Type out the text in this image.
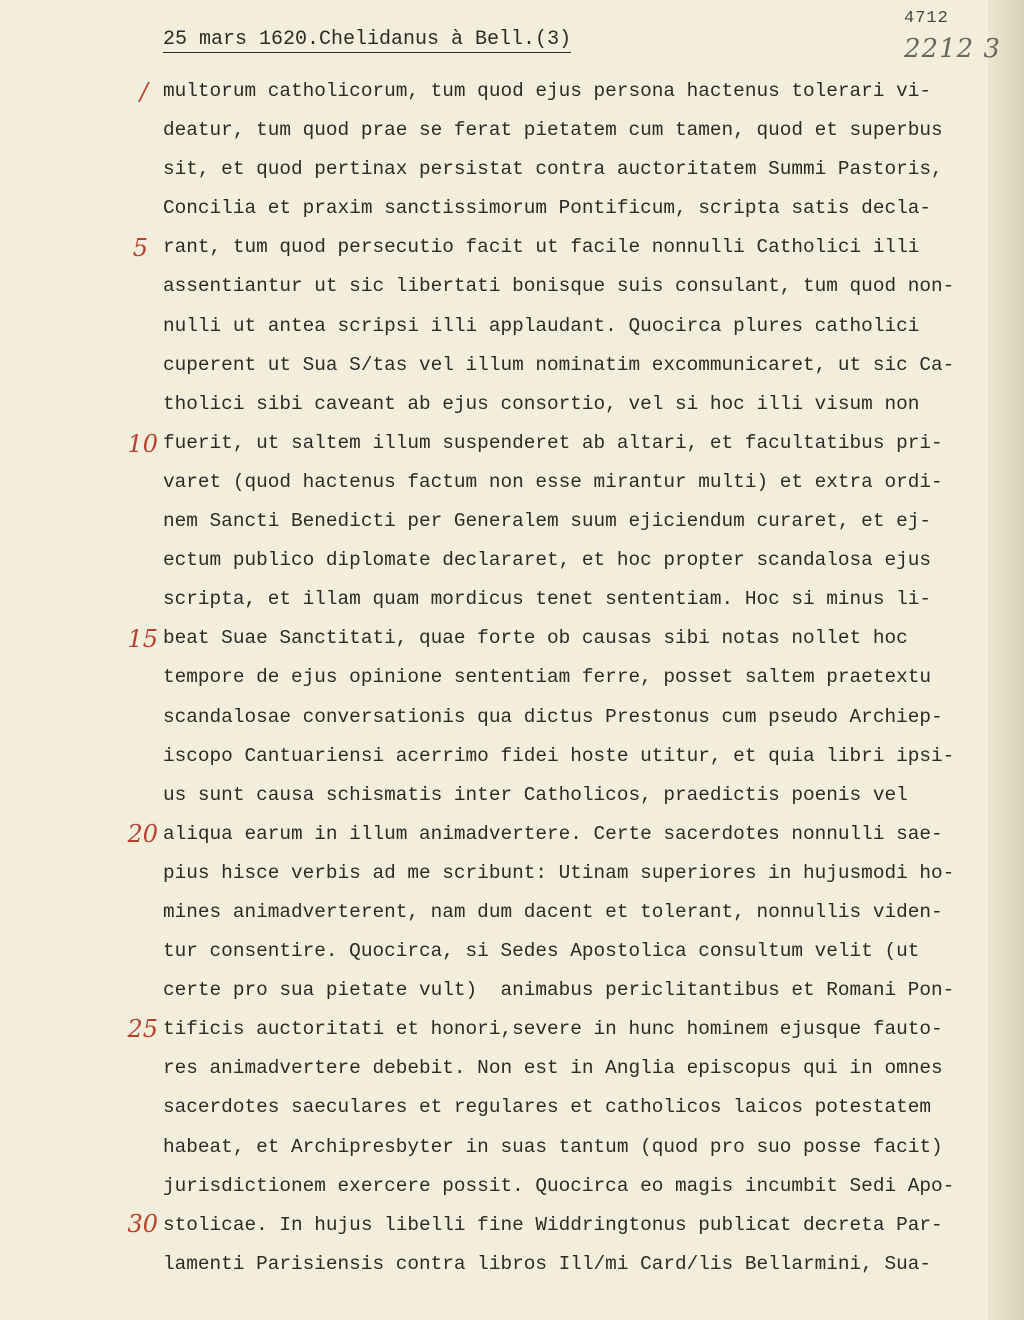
4712
2212 3
25 mars 1620.Chelidanus à Bell.(3)
/
5
10
15
20
25
30
multorum catholicorum, tum quod ejus persona hactenus tolerari vi-
deatur, tum quod prae se ferat pietatem cum tamen, quod et superbus
sit, et quod pertinax persistat contra auctoritatem Summi Pastoris,
Concilia et praxim sanctissimorum Pontificum, scripta satis decla-
rant, tum quod persecutio facit ut facile nonnulli Catholici illi
assentiantur ut sic libertati bonisque suis consulant, tum quod non-
nulli ut antea scripsi illi applaudant. Quocirca plures catholici
cuperent ut Sua S/tas vel illum nominatim excommunicaret, ut sic Ca-
tholici sibi caveant ab ejus consortio, vel si hoc illi visum non
fuerit, ut saltem illum suspenderet ab altari, et facultatibus pri-
varet (quod hactenus factum non esse mirantur multi) et extra ordi-
nem Sancti Benedicti per Generalem suum ejiciendum curaret, et ej-
ectum publico diplomate declararet, et hoc propter scandalosa ejus
scripta, et illam quam mordicus tenet sententiam. Hoc si minus li-
beat Suae Sanctitati, quae forte ob causas sibi notas nollet hoc
tempore de ejus opinione sententiam ferre, posset saltem praetextu
scandalosae conversationis qua dictus Prestonus cum pseudo Archiep-
iscopo Cantuariensi acerrimo fidei hoste utitur, et quia libri ipsi-
us sunt causa schismatis inter Catholicos, praedictis poenis vel
aliqua earum in illum animadvertere. Certe sacerdotes nonnulli sae-
pius hisce verbis ad me scribunt: Utinam superiores in hujusmodi ho-
mines animadverterent, nam dum dacent et tolerant, nonnullis viden-
tur consentire. Quocirca, si Sedes Apostolica consultum velit (ut
certe pro sua pietate vult)  animabus periclitantibus et Romani Pon-
tificis auctoritati et honori,severe in hunc hominem ejusque fauto-
res animadvertere debebit. Non est in Anglia episcopus qui in omnes
sacerdotes saeculares et regulares et catholicos laicos potestatem
habeat, et Archipresbyter in suas tantum (quod pro suo posse facit)
jurisdictionem exercere possit. Quocirca eo magis incumbit Sedi Apo-
stolicae. In hujus libelli fine Widdringtonus publicat decreta Par-
lamenti Parisiensis contra libros Ill/mi Card/lis Bellarmini, Sua-
